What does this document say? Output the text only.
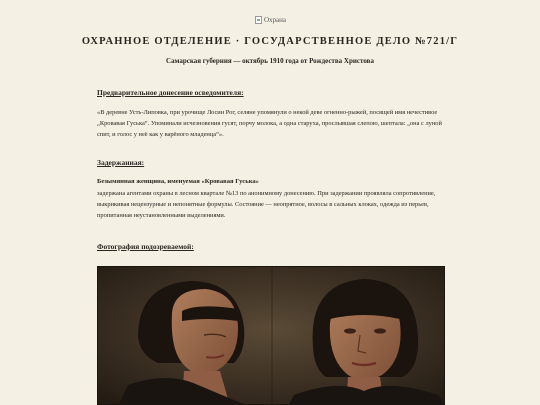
Охрана
ОХРАННОЕ ОТДЕЛЕНИЕ · ГОСУДАРСТВЕННОЕ ДЕЛО №721/Г
Самарская губерния — октябрь 1910 года от Рождества Христова
Предварительное донесение осведомителя:
«В деревне Усть-Липовка, при урочище Лосин Рог, селяне упомянули о некой деве огненно-рыжей, посящей имя нечестивое „Кровавая Гуська“. Упоминали исчезновения гусят, порчу молока, а одна старуха, прослывшая слепою, шептала: „она с луной спит, и голос у неё как у варёного младенца“».
Задержанная:
Безымянная женщина, именуемая «Кровавая Гуська»
задержана агентами охраны в лесном квартале №13 по анонимному донесению. При задержании проявляла сопротивление, выкрикивая нецензурные и непонятные формулы. Состояние — неопрятное, волосы в сальных клоках, одежда из перьев, пропитанная неустановленными выделениями.
Фотография подозреваемой:
